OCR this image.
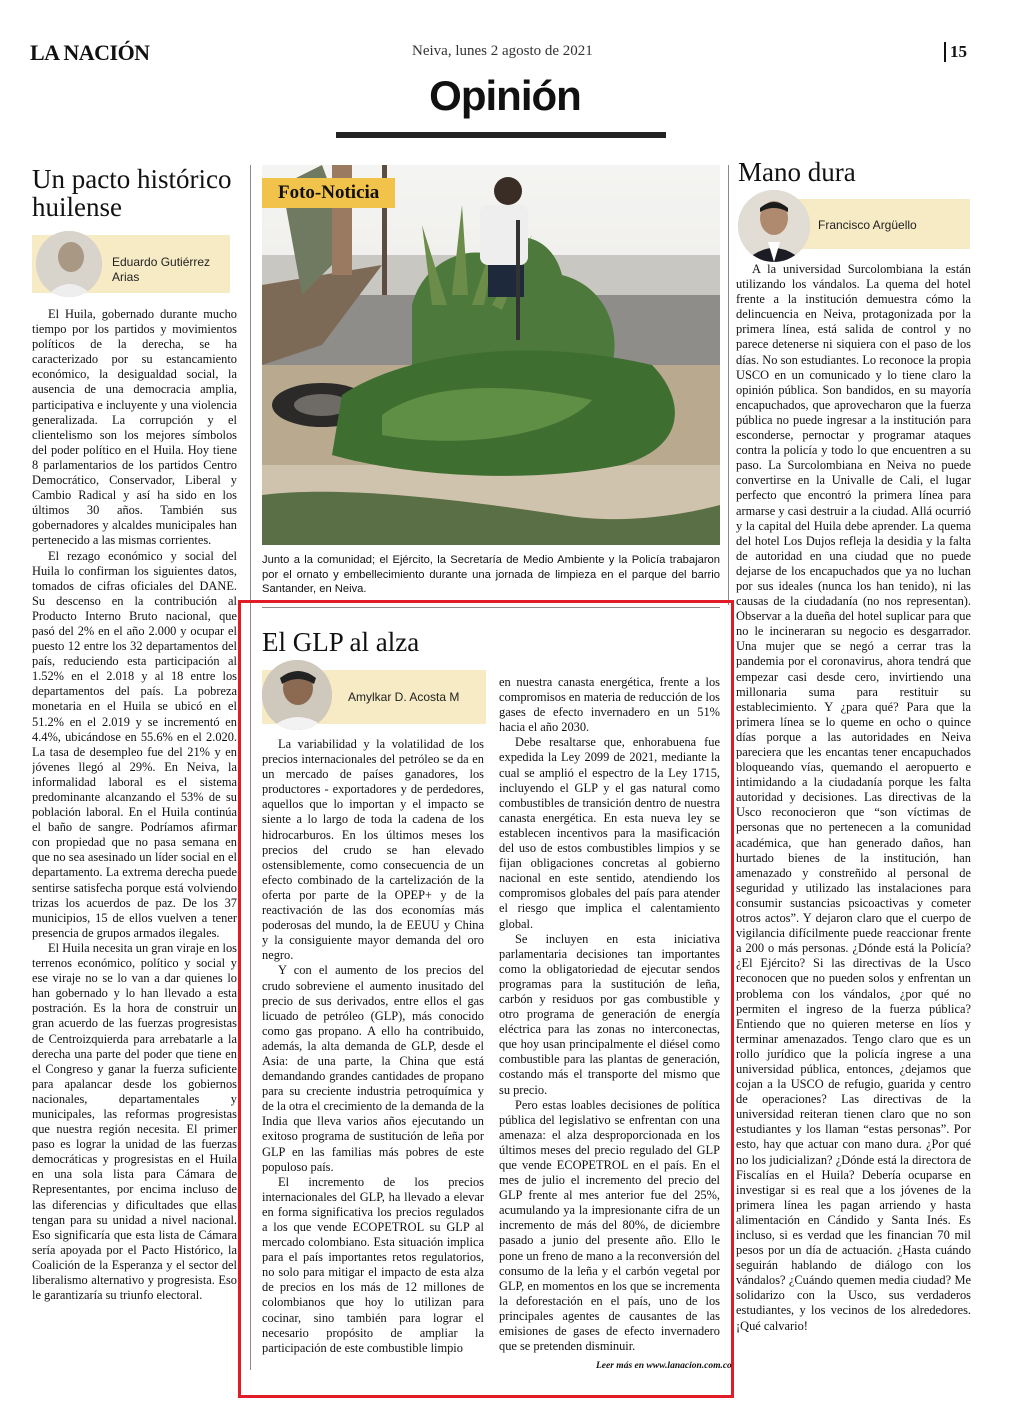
LA NACIÓN	Neiva, lunes 2 agosto de 2021	15
Opinión
Un pacto histórico huilense
Eduardo Gutiérrez Arias

El Huila, gobernado durante mucho tiempo por los partidos y movimientos políticos de la derecha, se ha caracterizado por su estancamiento económico, la desigualdad social, la ausencia de una democracia amplia, participativa e incluyente y una violencia generalizada. La corrupción y el clientelismo son los mejores símbolos del poder político en el Huila. Hoy tiene 8 parlamentarios de los partidos Centro Democrático, Conservador, Liberal y Cambio Radical y así ha sido en los últimos 30 años. También sus gobernadores y alcaldes municipales han pertenecido a las mismas corrientes.

El rezago económico y social del Huila lo confirman los siguientes datos, tomados de cifras oficiales del DANE. Su descenso en la contribución al Producto Interno Bruto nacional, que pasó del 2% en el año 2.000 y ocupar el puesto 12 entre los 32 departamentos del país, reduciendo esta participación al 1.52% en el 2.018 y al 18 entre los departamentos del país. La pobreza monetaria en el Huila se ubicó en el 51.2% en el 2.019 y se incrementó en 4.4%, ubicándose en 55.6% en el 2.020. La tasa de desempleo fue del 21% y en jóvenes llegó al 29%. En Neiva, la informalidad laboral es el sistema predominante alcanzando el 53% de su población laboral. En el Huila continúa el baño de sangre. Podríamos afirmar con propiedad que no pasa semana en que no sea asesinado un líder social en el departamento. La extrema derecha puede sentirse satisfecha porque está volviendo trizas los acuerdos de paz. De los 37 municipios, 15 de ellos vuelven a tener presencia de grupos armados ilegales.

El Huila necesita un gran viraje en los terrenos económico, político y social y ese viraje no se lo van a dar quienes lo han gobernado y lo han llevado a esta postración. Es la hora de construir un gran acuerdo de las fuerzas progresistas de Centroizquierda para arrebatarle a la derecha una parte del poder que tiene en el Congreso y ganar la fuerza suficiente para apalancar desde los gobiernos nacionales, departamentales y municipales, las reformas progresistas que nuestra región necesita. El primer paso es lograr la unidad de las fuerzas democráticas y progresistas en el Huila en una sola lista para Cámara de Representantes, por encima incluso de las diferencias y dificultades que ellas tengan para su unidad a nivel nacional. Eso significaría que esta lista de Cámara sería apoyada por el Pacto Histórico, la Coalición de la Esperanza y el sector del liberalismo alternativo y progresista. Eso le garantizaría su triunfo electoral.

Foto-Noticia
Junto a la comunidad; el Ejército, la Secretaría de Medio Ambiente y la Policía trabajaron por el ornato y embellecimiento durante una jornada de limpieza en el parque del barrio Santander, en Neiva.
El GLP al alza
Amylkar D. Acosta M

La variabilidad y la volatilidad de los precios internacionales del petróleo se da en un mercado de países ganadores, los productores - exportadores y de perdedores, aquellos que lo importan y el impacto se siente a lo largo de toda la cadena de los hidrocarburos. En los últimos meses los precios del crudo se han elevado ostensiblemente, como consecuencia de un efecto combinado de la cartelización de la oferta por parte de la OPEP+ y de la reactivación de las dos economías más poderosas del mundo, la de EEUU y China y la consiguiente mayor demanda del oro negro.

Y con el aumento de los precios del crudo sobreviene el aumento inusitado del precio de sus derivados, entre ellos el gas licuado de petróleo (GLP), más conocido como gas propano. A ello ha contribuido, además, la alta demanda de GLP, desde el Asia: de una parte, la China que está demandando grandes cantidades de propano para su creciente industria petroquímica y de la otra el crecimiento de la demanda de la India que lleva varios años ejecutando un exitoso programa de sustitución de leña por GLP en las familias más pobres de este populoso país.

El incremento de los precios internacionales del GLP, ha llevado a elevar en forma significativa los precios regulados a los que vende ECOPETROL su GLP al mercado colombiano. Esta situación implica para el país importantes retos regulatorios, no solo para mitigar el impacto de esta alza de precios en los más de 12 millones de colombianos que hoy lo utilizan para cocinar, sino también para lograr el necesario propósito de ampliar la participación de este combustible limpio

en nuestra canasta energética, frente a los compromisos en materia de reducción de los gases de efecto invernadero en un 51% hacia el año 2030.

Debe resaltarse que, enhorabuena fue expedida la Ley 2099 de 2021, mediante la cual se amplió el espectro de la Ley 1715, incluyendo el GLP y el gas natural como combustibles de transición dentro de nuestra canasta energética. En esta nueva ley se establecen incentivos para la masificación del uso de estos combustibles limpios y se fijan obligaciones concretas al gobierno nacional en este sentido, atendiendo los compromisos globales del país para atender el riesgo que implica el calentamiento global.

Se incluyen en esta iniciativa parlamentaria decisiones tan importantes como la obligatoriedad de ejecutar sendos programas para la sustitución de leña, carbón y residuos por gas combustible y otro programa de generación de energía eléctrica para las zonas no interconectas, que hoy usan principalmente el diésel como combustible para las plantas de generación, costando más el transporte del mismo que su precio.

Pero estas loables decisiones de política pública del legislativo se enfrentan con una amenaza: el alza desproporcionada en los últimos meses del precio regulado del GLP que vende ECOPETROL en el país. En el mes de julio el incremento del precio del GLP frente al mes anterior fue del 25%, acumulando ya la impresionante cifra de un incremento de más del 80%, de diciembre pasado a junio del presente año. Ello le pone un freno de mano a la reconversión del consumo de la leña y el carbón vegetal por GLP, en momentos en los que se incrementa la deforestación en el país, uno de los principales agentes de causantes de las emisiones de gases de efecto invernadero que se pretenden disminuir.

Leer más en www.lanacion.com.co
Mano dura
Francisco Argüello

A la universidad Surcolombiana la están utilizando los vándalos. La quema del hotel frente a la institución demuestra cómo la delincuencia en Neiva, protagonizada por la primera línea, está salida de control y no parece detenerse ni siquiera con el paso de los días. No son estudiantes. Lo reconoce la propia USCO en un comunicado y lo tiene claro la opinión pública. Son bandidos, en su mayoría encapuchados, que aprovecharon que la fuerza pública no puede ingresar a la institución para esconderse, pernoctar y programar ataques contra la policía y todo lo que encuentren a su paso. La Surcolombiana en Neiva no puede convertirse en la Univalle de Cali, el lugar perfecto que encontró la primera línea para armarse y casi destruir a la ciudad. Allá ocurrió y la capital del Huila debe aprender. La quema del hotel Los Dujos refleja la desidia y la falta de autoridad en una ciudad que no puede dejarse de los encapuchados que ya no luchan por sus ideales (nunca los han tenido), ni las causas de la ciudadanía (no nos representan). Observar a la dueña del hotel suplicar para que no le incineraran su negocio es desgarrador. Una mujer que se negó a cerrar tras la pandemia por el coronavirus, ahora tendrá que empezar casi desde cero, invirtiendo una millonaria suma para restituir su establecimiento. Y ¿para qué? Para que la primera línea se lo queme en ocho o quince días porque a las autoridades en Neiva pareciera que les encantas tener encapuchados bloqueando vías, quemando el aeropuerto e intimidando a la ciudadanía porque les falta autoridad y decisiones. Las directivas de la Usco reconocieron que “son víctimas de personas que no pertenecen a la comunidad académica, que han generado daños, han hurtado bienes de la institución, han amenazado y constreñido al personal de seguridad y utilizado las instalaciones para consumir sustancias psicoactivas y cometer otros actos”. Y dejaron claro que el cuerpo de vigilancia difícilmente puede reaccionar frente a 200 o más personas. ¿Dónde está la Policía? ¿El Ejército? Si las directivas de la Usco reconocen que no pueden solos y enfrentan un problema con los vándalos, ¿por qué no permiten el ingreso de la fuerza pública? Entiendo que no quieren meterse en líos y terminar amenazados. Tengo claro que es un rollo jurídico que la policía ingrese a una universidad pública, entonces, ¿dejamos que cojan a la USCO de refugio, guarida y centro de operaciones? Las directivas de la universidad reiteran tienen claro que no son estudiantes y los llaman “estas personas”. Por esto, hay que actuar con mano dura. ¿Por qué no los judicializan? ¿Dónde está la directora de Fiscalías en el Huila? Debería ocuparse en investigar si es real que a los jóvenes de la primera línea les pagan arriendo y hasta alimentación en Cándido y Santa Inés. Es incluso, si es verdad que les financian 70 mil pesos por un día de actuación. ¿Hasta cuándo seguirán hablando de diálogo con los vándalos? ¿Cuándo quemen media ciudad? Me solidarizo con la Usco, sus verdaderos estudiantes, y los vecinos de los alrededores. ¡Qué calvario!
